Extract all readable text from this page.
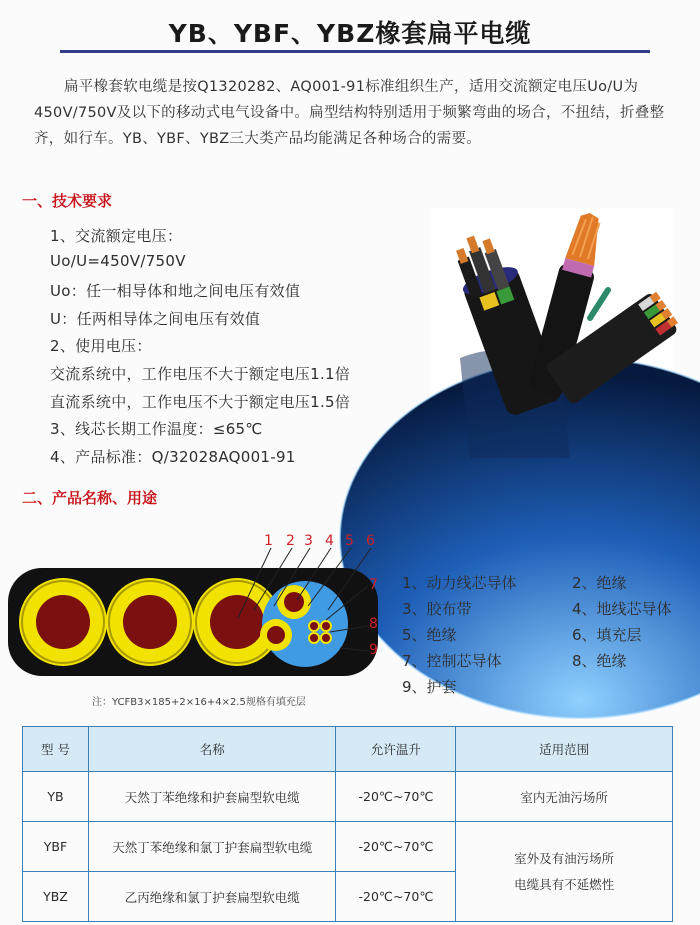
YB、YBF、YBZ橡套扁平电缆
扁平橡套软电缆是按Q1320282、AQ001-91标准组织生产，适用交流额定电压Uo/U为450V/750V及以下的移动式电气设备中。扁型结构特别适用于频繁弯曲的场合，不扭结，折叠整齐，如行车。YB、YBF、YBZ三大类产品均能满足各种场合的需要。
一、技术要求
1、交流额定电压：
Uo/U=450V/750V
Uo：任一相导体和地之间电压有效值
U：任两相导体之间电压有效值
2、使用电压：
交流系统中，工作电压不大于额定电压1.1倍
直流系统中，工作电压不大于额定电压1.5倍
3、线芯长期工作温度：≤65℃
4、产品标准：Q/32028AQ001-91
二、产品名称、用途
1 2 3 4 5 6
7
8
9
注：YCFB3×185+2×16+4×2.5规格有填充层
1、动力线芯导体	2、绝缘
3、胶布带	4、地线芯导体
5、绝缘	6、填充层
7、控制芯导体	8、绝缘
9、护套
型 号	名称	允许温升	适用范围
YB	天然丁苯绝缘和护套扁型软电缆	-20℃~70℃	室内无油污场所
YBF	天然丁苯绝缘和氯丁护套扁型软电缆	-20℃~70℃	室外及有油污场所
电缆具有不延燃性

YBZ	乙丙绝缘和氯丁护套扁型软电缆	-20℃~70℃	
